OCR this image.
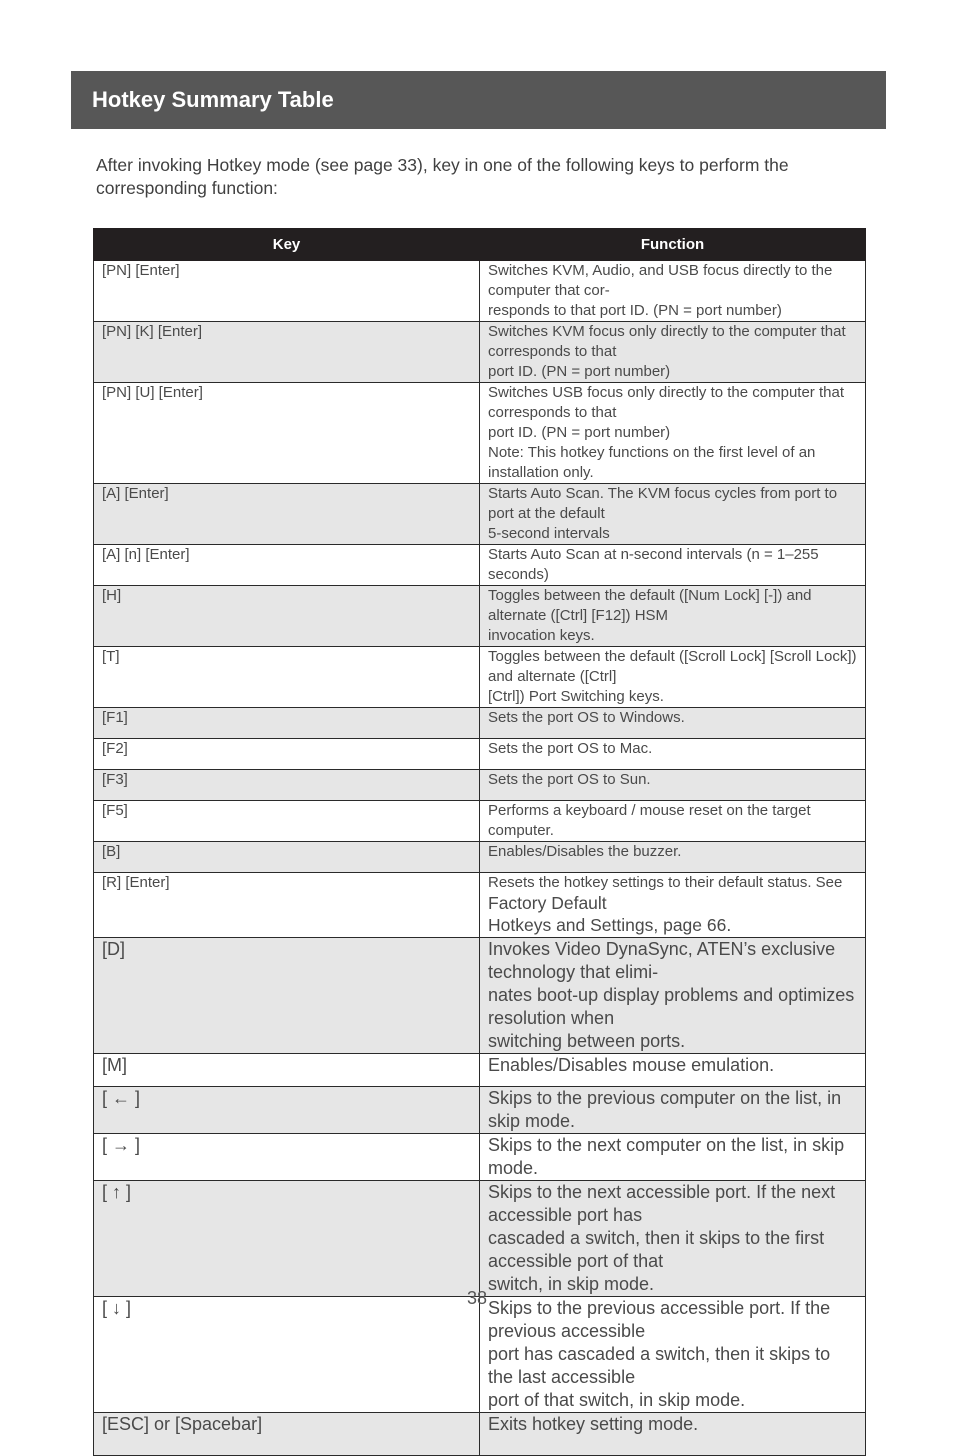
Hotkey Summary Table

After invoking Hotkey mode (see page 33), key in one of the following keys to perform the corresponding function:

Key	Function
[PN] [Enter]	Switches KVM, Audio, and USB focus directly to the computer that cor-
responds to that port ID. (PN = port number)
[PN] [K] [Enter]	Switches KVM focus only directly to the computer that corresponds to that
port ID. (PN = port number)
[PN] [U] [Enter]	Switches USB focus only directly to the computer that corresponds to that
port ID. (PN = port number)
Note: This hotkey functions on the first level of an installation only.
[A] [Enter]	Starts Auto Scan. The KVM focus cycles from port to port at the default
5-second intervals
[A] [n] [Enter]	Starts Auto Scan at n-second intervals (n = 1–255 seconds)
[H]	Toggles between the default ([Num Lock] [-]) and alternate ([Ctrl] [F12]) HSM
invocation keys.
[T]	Toggles between the default ([Scroll Lock] [Scroll Lock]) and alternate ([Ctrl]
[Ctrl]) Port Switching keys.
[F1]	Sets the port OS to Windows.
[F2]	Sets the port OS to Mac.
[F3]	Sets the port OS to Sun.
[F5]	Performs a keyboard / mouse reset on the target computer.
[B]	Enables/Disables the buzzer.
[R] [Enter]	Resets the hotkey settings to their default status. See Factory Default
Hotkeys and Settings, page 66.
[D]	Invokes Video DynaSync, ATEN’s exclusive technology that elimi-
nates boot-up display problems and optimizes resolution when
switching between ports.
[M]	Enables/Disables mouse emulation.
[ ← ]	Skips to the previous computer on the list, in skip mode.
[ → ]	Skips to the next computer on the list, in skip mode.
[ ↑ ]	Skips to the next accessible port. If the next accessible port has
cascaded a switch, then it skips to the first accessible port of that
switch, in skip mode.
[ ↓ ]	Skips to the previous accessible port. If the previous accessible
port has cascaded a switch, then it skips to the last accessible
port of that switch, in skip mode.
[ESC] or [Spacebar]	Exits hotkey setting mode.
38
